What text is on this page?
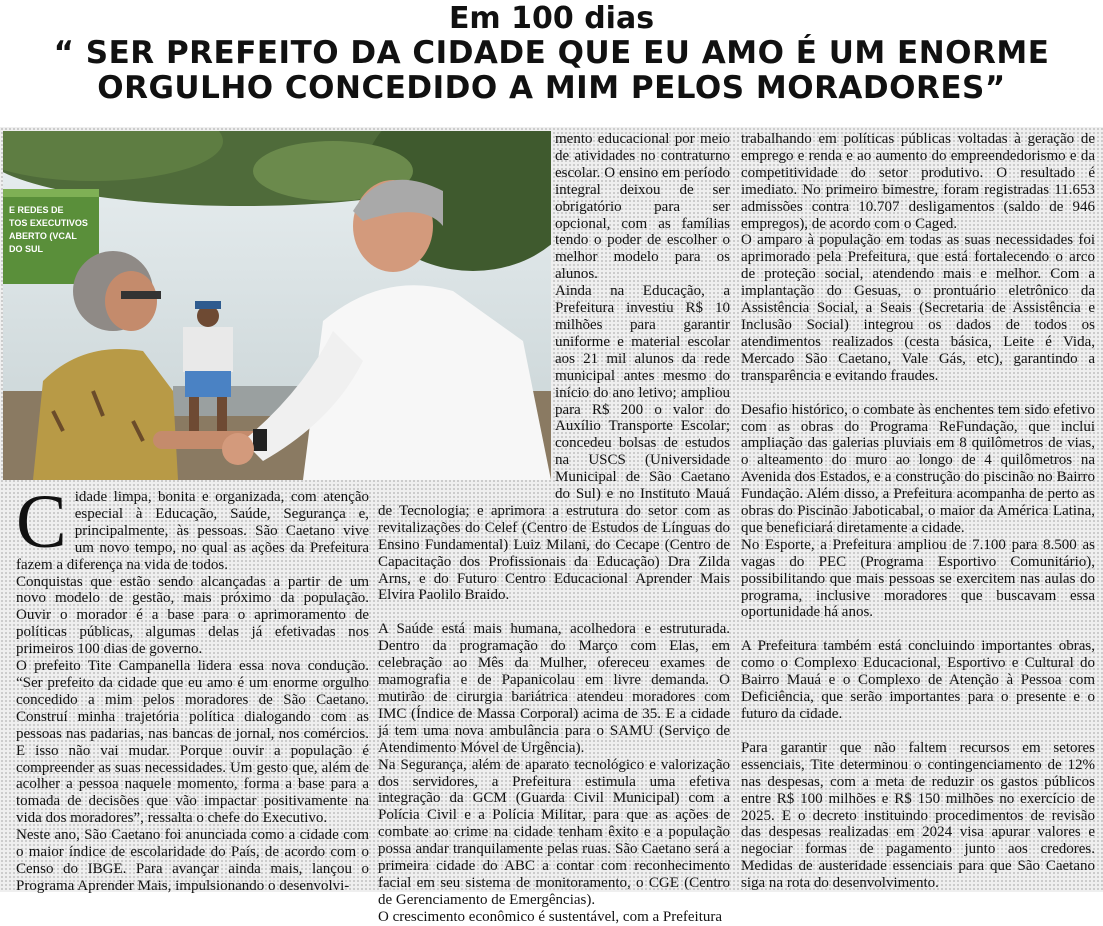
Em 100 dias
“ SER PREFEITO DA CIDADE QUE EU AMO É UM ENORME
ORGULHO CONCEDIDO A MIM PELOS MORADORES”
E REDES DE
TOS EXECUTIVOS
ABERTO (VCAL
DO SUL
C idade limpa, bonita e organizada, com atenção especial à Educação, Saúde, Segurança e, principalmente, às pessoas. São Caetano vive um novo tempo, no qual as ações da Prefeitura fazem a diferença na vida de todos.

Conquistas que estão sendo alcançadas a partir de um novo modelo de gestão, mais próximo da população. Ouvir o morador é a base para o aprimoramento de políticas públicas, algumas delas já efetivadas nos primeiros 100 dias de governo.

O prefeito Tite Campanella lidera essa nova condução. “Ser prefeito da cidade que eu amo é um enorme orgulho concedido a mim pelos moradores de São Caetano. Construí minha trajetória política dialogando com as pessoas nas padarias, nas bancas de jornal, nos comércios. E isso não vai mudar. Porque ouvir a população é compreender as suas necessidades. Um gesto que, além de acolher a pessoa naquele momento, forma a base para a tomada de decisões que vão impactar positivamente na vida dos moradores”, ressalta o chefe do Executivo.

Neste ano, São Caetano foi anunciada como a cidade com o maior índice de escolaridade do País, de acordo com o Censo do IBGE. Para avançar ainda mais, lançou o Programa Aprender Mais, impulsionando o desenvolvi-

mento educacional por meio de atividades no contraturno escolar. O ensino em período integral deixou de ser obrigatório para ser opcional, com as famílias tendo o poder de escolher o melhor modelo para os alunos.

Ainda na Educação, a Prefeitura investiu R$ 10 milhões para garantir uniforme e material escolar aos 21 mil alunos da rede municipal antes mesmo do início do ano letivo; ampliou para R$ 200 o valor do Auxílio Transporte Escolar; concedeu bolsas de estudos na USCS (Universidade Municipal de São Caetano do Sul) e no Instituto Mauá de Tecnologia; e aprimora a estrutura do setor com as revitalizações do Celef (Centro de Estudos de Línguas do Ensino Fundamental) Luiz Milani, do Cecape (Centro de Capacitação dos Profissionais da Educação) Dra Zilda Arns, e do Futuro Centro Educacional Aprender Mais Elvira Paolilo Braido.

A Saúde está mais humana, acolhedora e estruturada. Dentro da programação do Março com Elas, em celebração ao Mês da Mulher, ofereceu exames de mamografia e de Papanicolau em livre demanda. O mutirão de cirurgia bariátrica atendeu moradores com IMC (Índice de Massa Corporal) acima de 35. E a cidade já tem uma nova ambulância para o SAMU (Serviço de Atendimento Móvel de Urgência).

Na Segurança, além de aparato tecnológico e valorização dos servidores, a Prefeitura estimula uma efetiva integração da GCM (Guarda Civil Municipal) com a Polícia Civil e a Polícia Militar, para que as ações de combate ao crime na cidade tenham êxito e a população possa andar tranquilamente pelas ruas. São Caetano será a primeira cidade do ABC a contar com reconhecimento facial em seu sistema de monitoramento, o CGE (Centro de Gerenciamento de Emergências).

O crescimento econômico é sustentável, com a Prefeitura

trabalhando em políticas públicas voltadas à geração de emprego e renda e ao aumento do empreendedorismo e da competitividade do setor produtivo. O resultado é imediato. No primeiro bimestre, foram registradas 11.653 admissões contra 10.707 desligamentos (saldo de 946 empregos), de acordo com o Caged.

O amparo à população em todas as suas necessidades foi aprimorado pela Prefeitura, que está fortalecendo o arco de proteção social, atendendo mais e melhor. Com a implantação do Gesuas, o prontuário eletrônico da Assistência Social, a Seais (Secretaria de Assistência e Inclusão Social) integrou os dados de todos os atendimentos realizados (cesta básica, Leite é Vida, Mercado São Caetano, Vale Gás, etc), garantindo a transparência e evitando fraudes.

Desafio histórico, o combate às enchentes tem sido efetivo com as obras do Programa ReFundação, que inclui ampliação das galerias pluviais em 8 quilômetros de vias, o alteamento do muro ao longo de 4 quilômetros na Avenida dos Estados, e a construção do piscinão no Bairro Fundação. Além disso, a Prefeitura acompanha de perto as obras do Piscinão Jaboticabal, o maior da América Latina, que beneficiará diretamente a cidade.

No Esporte, a Prefeitura ampliou de 7.100 para 8.500 as vagas do PEC (Programa Esportivo Comunitário), possibilitando que mais pessoas se exercitem nas aulas do programa, inclusive moradores que buscavam essa oportunidade há anos.

A Prefeitura também está concluindo importantes obras, como o Complexo Educacional, Esportivo e Cultural do Bairro Mauá e o Complexo de Atenção à Pessoa com Deficiência, que serão importantes para o presente e o futuro da cidade.

Para garantir que não faltem recursos em setores essenciais, Tite determinou o contingenciamento de 12% nas despesas, com a meta de reduzir os gastos públicos entre R$ 100 milhões e R$ 150 milhões no exercício de 2025. E o decreto instituindo procedimentos de revisão das despesas realizadas em 2024 visa apurar valores e negociar formas de pagamento junto aos credores. Medidas de austeridade essenciais para que São Caetano siga na rota do desenvolvimento.
